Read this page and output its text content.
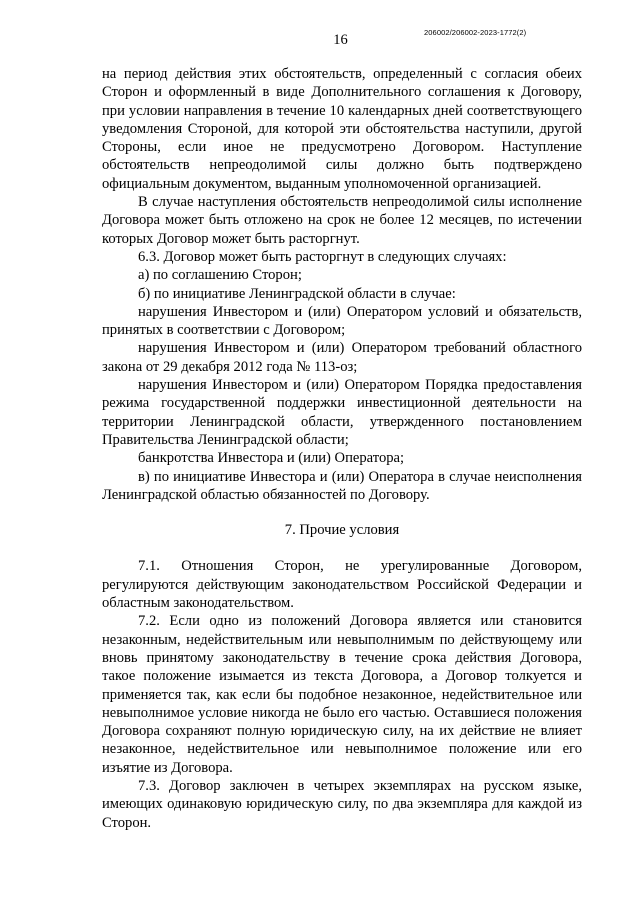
206002/206002-2023-1772(2)
16

на период действия этих обстоятельств, определенный с согласия обеих Сторон и оформленный в виде Дополнительного соглашения к Договору, при условии направления в течение 10 календарных дней соответствующего уведомления Стороной, для которой эти обстоятельства наступили, другой Стороны, если иное не предусмотрено Договором. Наступление обстоятельств непреодолимой силы должно быть подтверждено официальным документом, выданным уполномоченной организацией.

В случае наступления обстоятельств непреодолимой силы исполнение Договора может быть отложено на срок не более 12 месяцев, по истечении которых Договор может быть расторгнут.

6.3. Договор может быть расторгнут в следующих случаях:

а) по соглашению Сторон;

б) по инициативе Ленинградской области в случае:

нарушения Инвестором и (или) Оператором условий и обязательств, принятых в соответствии с Договором;

нарушения Инвестором и (или) Оператором требований областного закона от 29 декабря 2012 года № 113-оз;

нарушения Инвестором и (или) Оператором Порядка предоставления режима государственной поддержки инвестиционной деятельности на территории Ленинградской области, утвержденного постановлением Правительства Ленинградской области;

банкротства Инвестора и (или) Оператора;

в) по инициативе Инвестора и (или) Оператора в случае неисполнения Ленинградской областью обязанностей по Договору.

7. Прочие условия

7.1. Отношения Сторон, не урегулированные Договором, регулируются действующим законодательством Российской Федерации и областным законодательством.

7.2. Если одно из положений Договора является или становится незаконным, недействительным или невыполнимым по действующему или вновь принятому законодательству в течение срока действия Договора, такое положение изымается из текста Договора, а Договор толкуется и применяется так, как если бы подобное незаконное, недействительное или невыполнимое условие никогда не было его частью. Оставшиеся положения Договора сохраняют полную юридическую силу, на их действие не влияет незаконное, недействительное или невыполнимое положение или его изъятие из Договора.

7.3. Договор заключен в четырех экземплярах на русском языке, имеющих одинаковую юридическую силу, по два экземпляра для каждой из Сторон.
